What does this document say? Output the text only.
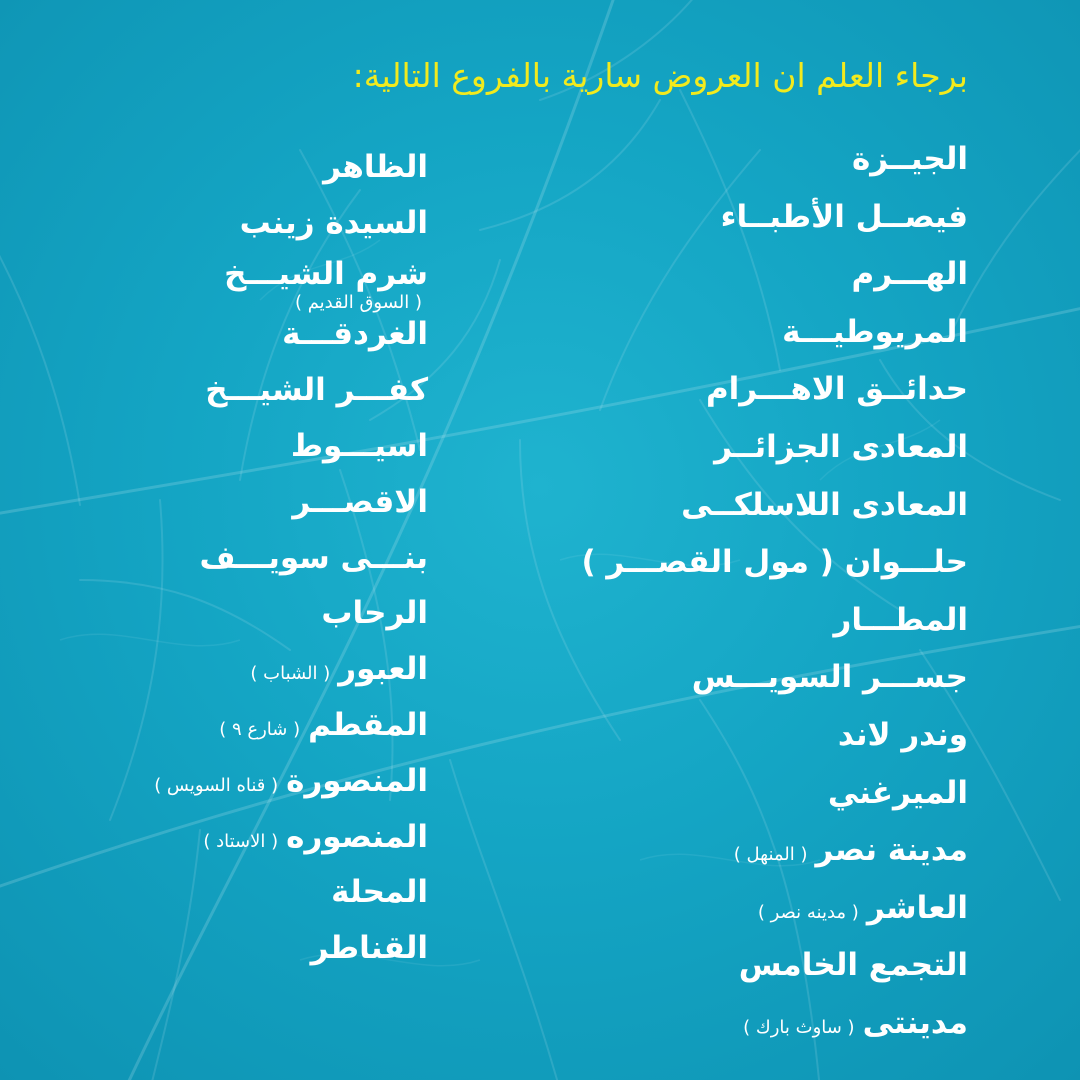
برجاء العلم ان العروض سارية بالفروع التالية:
الجيــزة
فيصــل الأطبــاء
الهـــرم
المريوطيـــة
حدائــق الاهـــرام
المعادى الجزائــر
المعادى اللاسلكــى
حلـــوان ( مول القصـــر )
المطـــار
جســـر السويـــس
وندر لاند
الميرغني
مدينة نصر( المنهل )
العاشر( مدينه نصر )
التجمع الخامس
مدينتى( ساوث بارك )
الظاهر
السيدة زينب
شرم الشيـــخ
( السوق القديم )
الغردقـــة
كفـــر الشيـــخ
اسيـــوط
الاقصـــر
بنـــى سويـــف
الرحاب
العبور( الشباب )
المقطم( شارع ٩ )
المنصورة( قناه السويس )
المنصوره( الاستاد )
المحلة
القناطر
